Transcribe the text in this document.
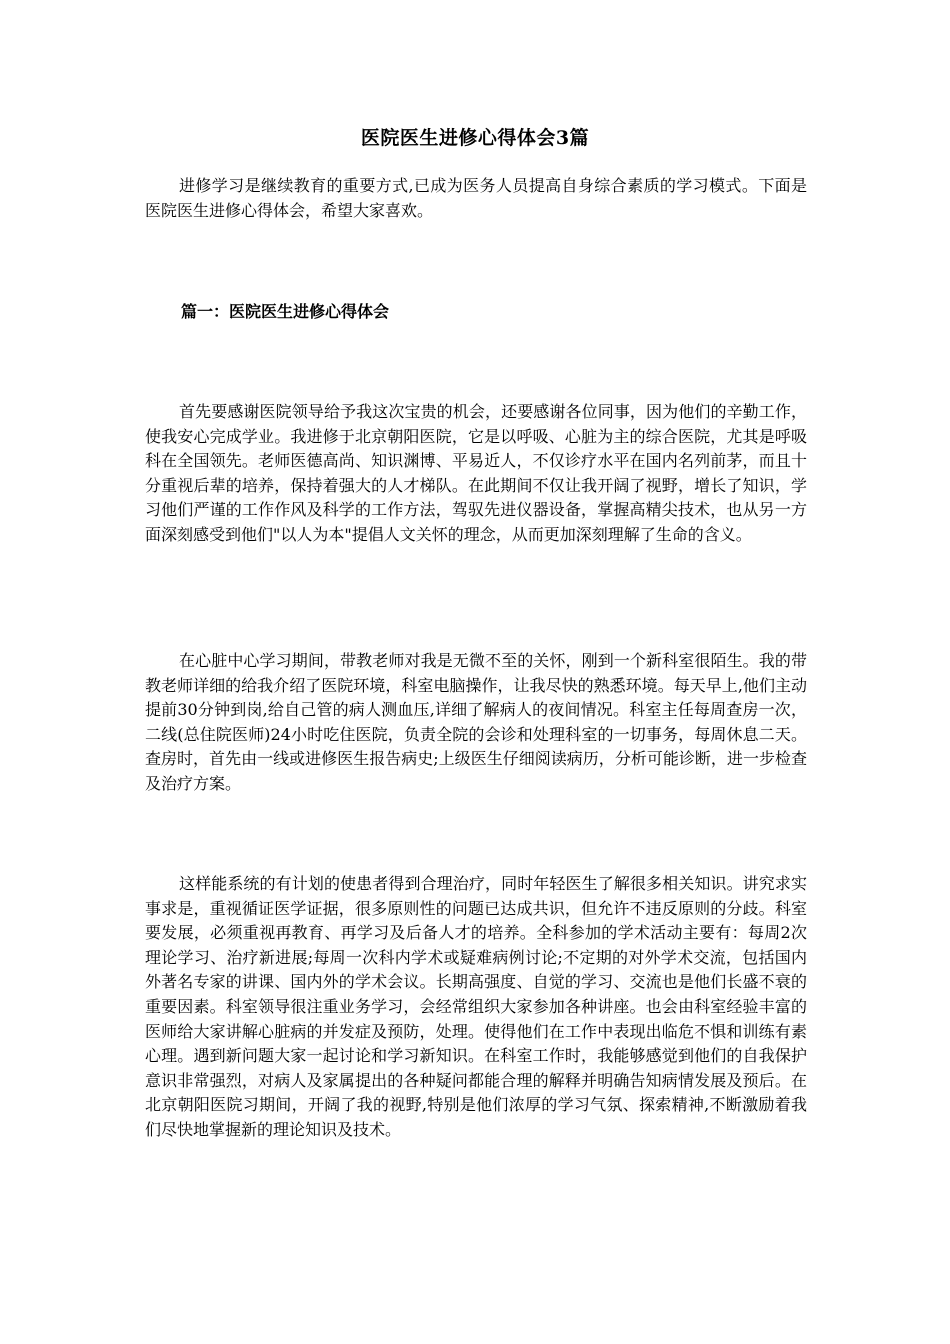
医院医生进修心得体会3篇

进修学习是继续教育的重要方式,已成为医务人员提高自身综合素质的学习模式。下面是医院医生进修心得体会，希望大家喜欢。

篇一：医院医生进修心得体会

首先要感谢医院领导给予我这次宝贵的机会，还要感谢各位同事，因为他们的辛勤工作，使我安心完成学业。我进修于北京朝阳医院，它是以呼吸、心脏为主的综合医院，尤其是呼吸科在全国领先。老师医德高尚、知识渊博、平易近人，不仅诊疗水平在国内名列前茅，而且十分重视后辈的培养，保持着强大的人才梯队。在此期间不仅让我开阔了视野，增长了知识，学习他们严谨的工作作风及科学的工作方法，驾驭先进仪器设备，掌握高精尖技术，也从另一方面深刻感受到他们"以人为本"提倡人文关怀的理念，从而更加深刻理解了生命的含义。

在心脏中心学习期间，带教老师对我是无微不至的关怀，刚到一个新科室很陌生。我的带教老师详细的给我介绍了医院环境，科室电脑操作，让我尽快的熟悉环境。每天早上,他们主动提前30分钟到岗,给自己管的病人测血压,详细了解病人的夜间情况。科室主任每周查房一次，二线(总住院医师)24小时吃住医院，负责全院的会诊和处理科室的一切事务，每周休息二天。查房时，首先由一线或进修医生报告病史;上级医生仔细阅读病历，分析可能诊断，进一步检查及治疗方案。

这样能系统的有计划的使患者得到合理治疗，同时年轻医生了解很多相关知识。讲究求实事求是，重视循证医学证据，很多原则性的问题已达成共识，但允许不违反原则的分歧。科室要发展，必须重视再教育、再学习及后备人才的培养。全科参加的学术活动主要有：每周2次理论学习、治疗新进展;每周一次科内学术或疑难病例讨论;不定期的对外学术交流，包括国内外著名专家的讲课、国内外的学术会议。长期高强度、自觉的学习、交流也是他们长盛不衰的重要因素。科室领导很注重业务学习，会经常组织大家参加各种讲座。也会由科室经验丰富的医师给大家讲解心脏病的并发症及预防，处理。使得他们在工作中表现出临危不惧和训练有素心理。遇到新问题大家一起讨论和学习新知识。在科室工作时，我能够感觉到他们的自我保护意识非常强烈，对病人及家属提出的各种疑问都能合理的解释并明确告知病情发展及预后。在北京朝阳医院习期间，开阔了我的视野,特别是他们浓厚的学习气氛、探索精神,不断激励着我们尽快地掌握新的理论知识及技术。
